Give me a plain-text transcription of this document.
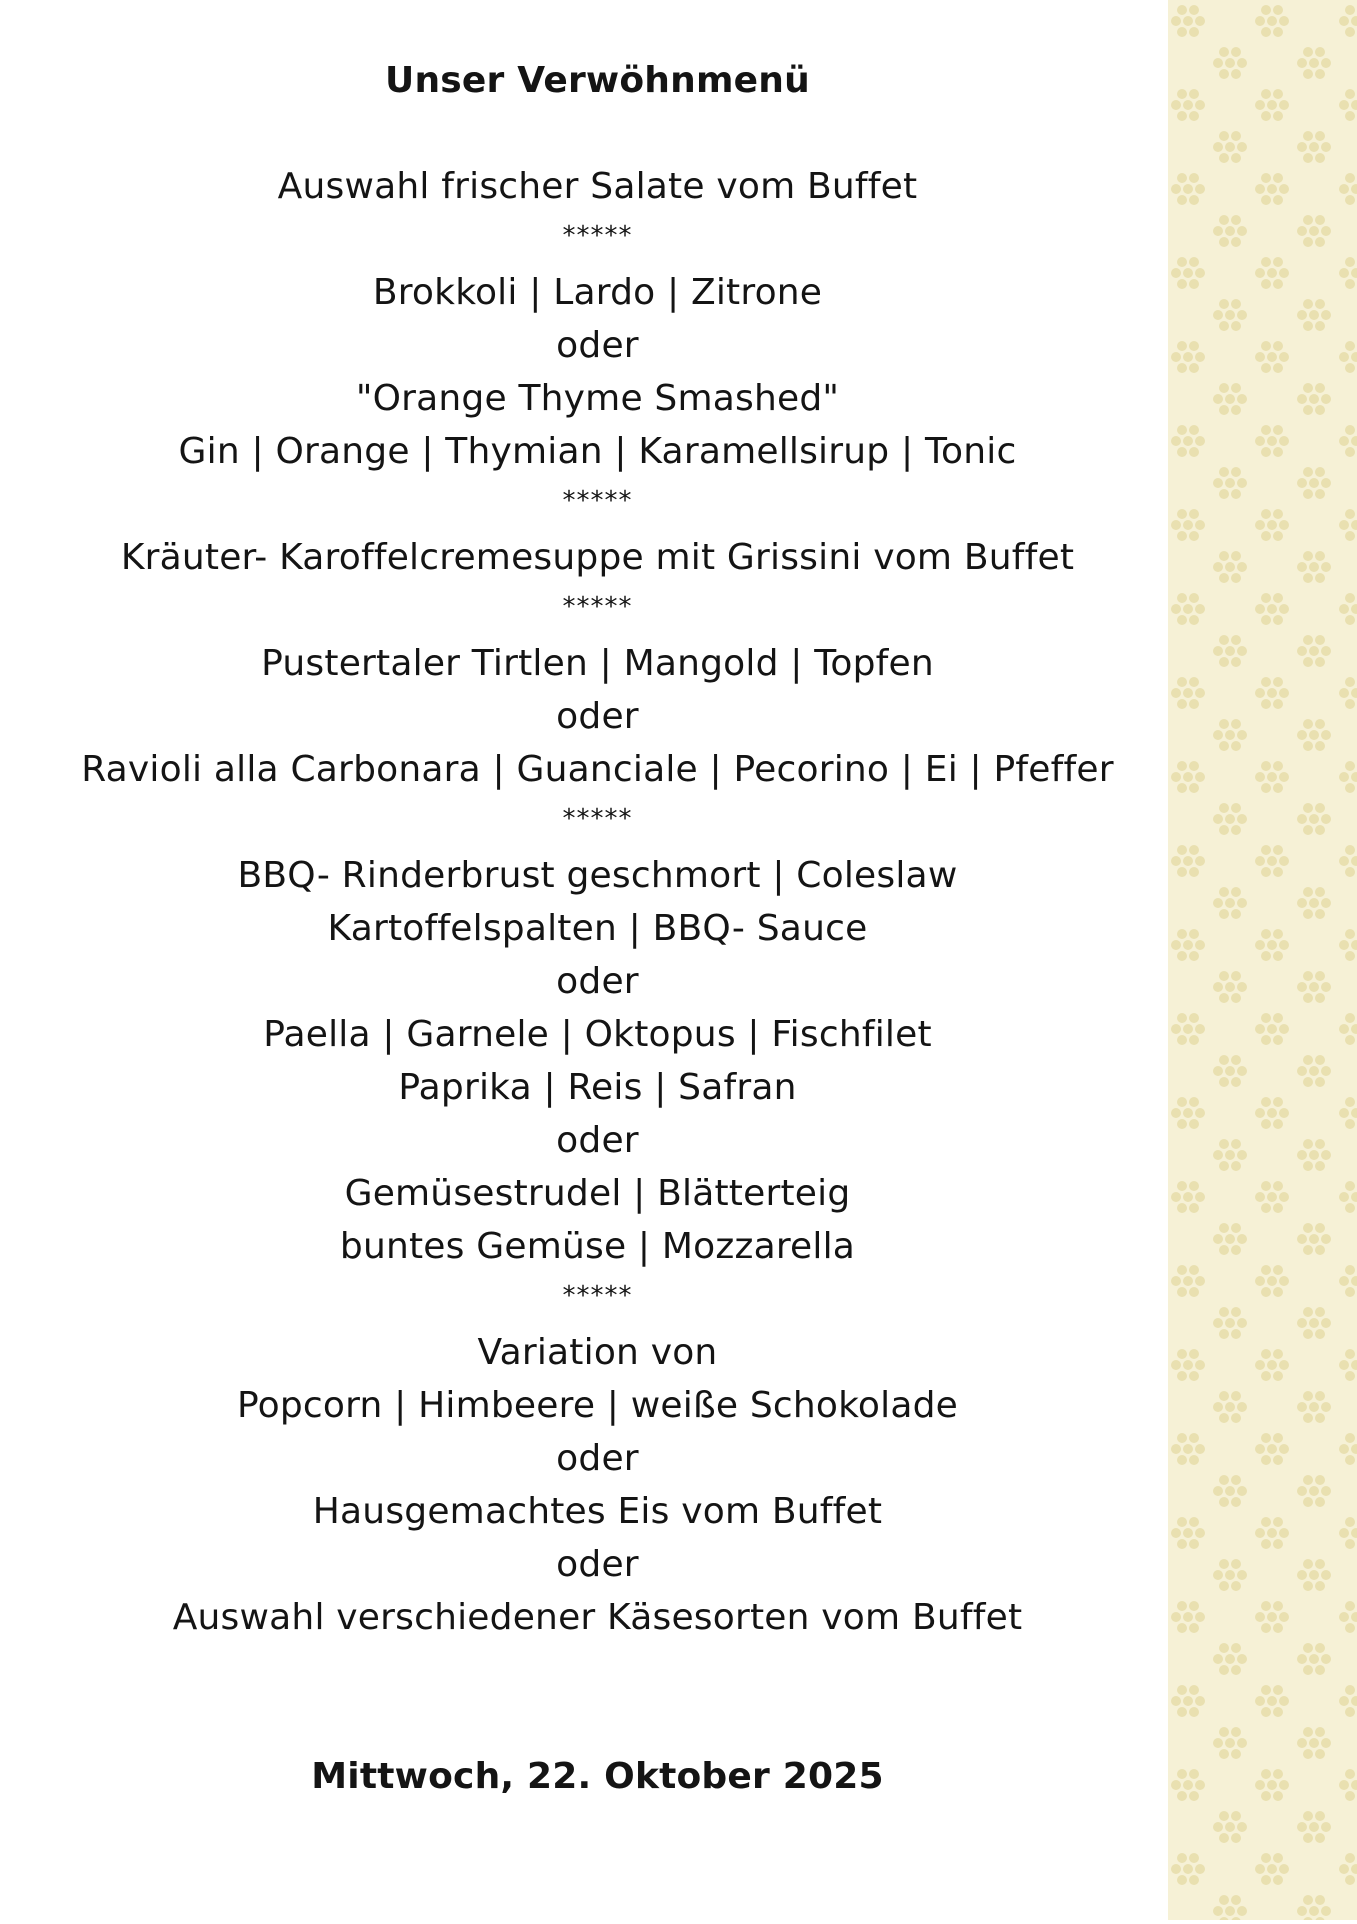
Unser Verwöhnmenü
Auswahl frischer Salate vom Buffet
*****
Brokkoli | Lardo | Zitrone
oder
"Orange Thyme Smashed"
Gin | Orange | Thymian | Karamellsirup | Tonic
*****
Kräuter- Karoffelcremesuppe mit Grissini vom Buffet
*****
Pustertaler Tirtlen | Mangold | Topfen
oder
Ravioli alla Carbonara | Guanciale | Pecorino | Ei | Pfeffer
*****
BBQ- Rinderbrust geschmort | Coleslaw
Kartoffelspalten | BBQ- Sauce
oder
Paella | Garnele | Oktopus | Fischfilet
Paprika | Reis | Safran
oder
Gemüsestrudel | Blätterteig
buntes Gemüse | Mozzarella
*****
Variation von
Popcorn | Himbeere | weiße Schokolade
oder
Hausgemachtes Eis vom Buffet
oder
Auswahl verschiedener Käsesorten vom Buffet
Mittwoch, 22. Oktober 2025
